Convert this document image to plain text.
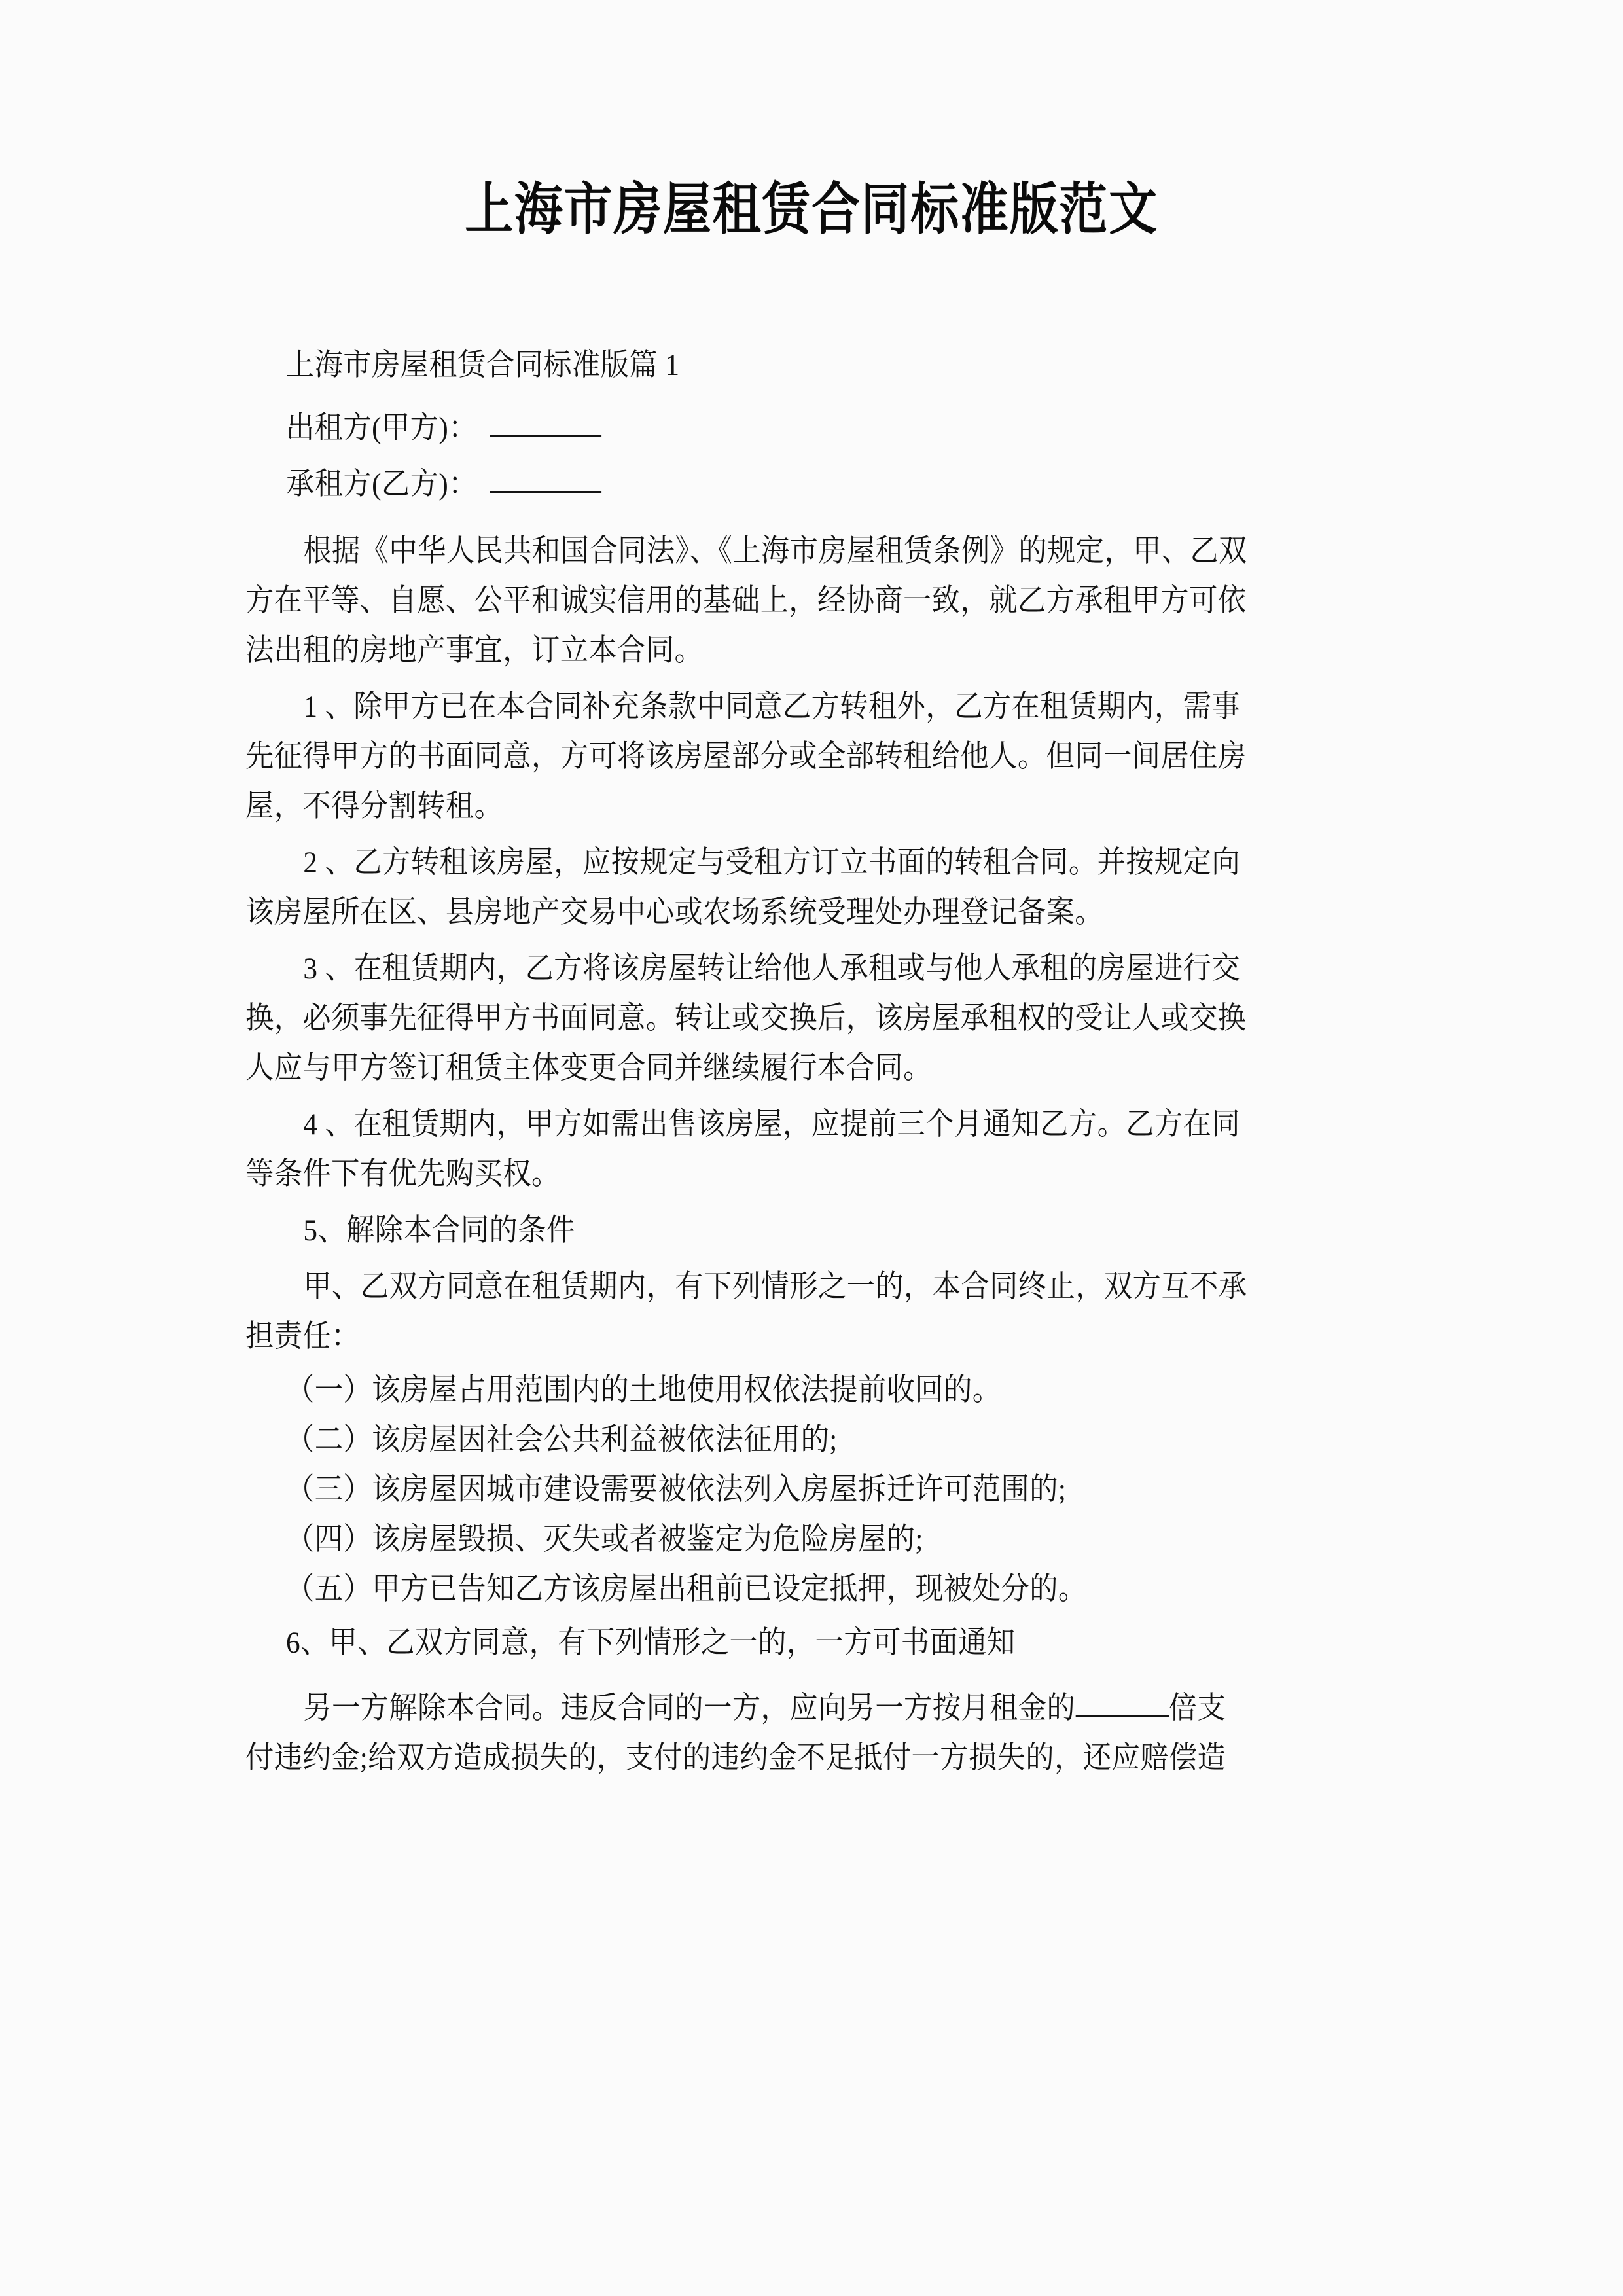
上海市房屋租赁合同标准版范文
上海市房屋租赁合同标准版篇 1
出租方(甲方)：
承租方(乙方)：
根据《中华人民共和国合同法》、《上海市房屋租赁条例》的规定，甲、乙双
方在平等、自愿、公平和诚实信用的基础上，经协商一致，就乙方承租甲方可依
法出租的房地产事宜，订立本合同。
1 、除甲方已在本合同补充条款中同意乙方转租外，乙方在租赁期内，需事
先征得甲方的书面同意，方可将该房屋部分或全部转租给他人。但同一间居住房
屋，不得分割转租。
2 、乙方转租该房屋，应按规定与受租方订立书面的转租合同。并按规定向
该房屋所在区、县房地产交易中心或农场系统受理处办理登记备案。
3 、在租赁期内，乙方将该房屋转让给他人承租或与他人承租的房屋进行交
换，必须事先征得甲方书面同意。转让或交换后，该房屋承租权的受让人或交换
人应与甲方签订租赁主体变更合同并继续履行本合同。
4 、在租赁期内，甲方如需出售该房屋，应提前三个月通知乙方。乙方在同
等条件下有优先购买权。
5、解除本合同的条件
甲、乙双方同意在租赁期内，有下列情形之一的，本合同终止，双方互不承
担责任：
（一）该房屋占用范围内的土地使用权依法提前收回的。
（二）该房屋因社会公共利益被依法征用的;
（三）该房屋因城市建设需要被依法列入房屋拆迁许可范围的;
（四）该房屋毁损、灭失或者被鉴定为危险房屋的;
（五）甲方已告知乙方该房屋出租前已设定抵押，现被处分的。
6、甲、乙双方同意，有下列情形之一的，一方可书面通知
另一方解除本合同。违反合同的一方，应向另一方按月租金的	倍支
付违约金;给双方造成损失的，支付的违约金不足抵付一方损失的，还应赔偿造
